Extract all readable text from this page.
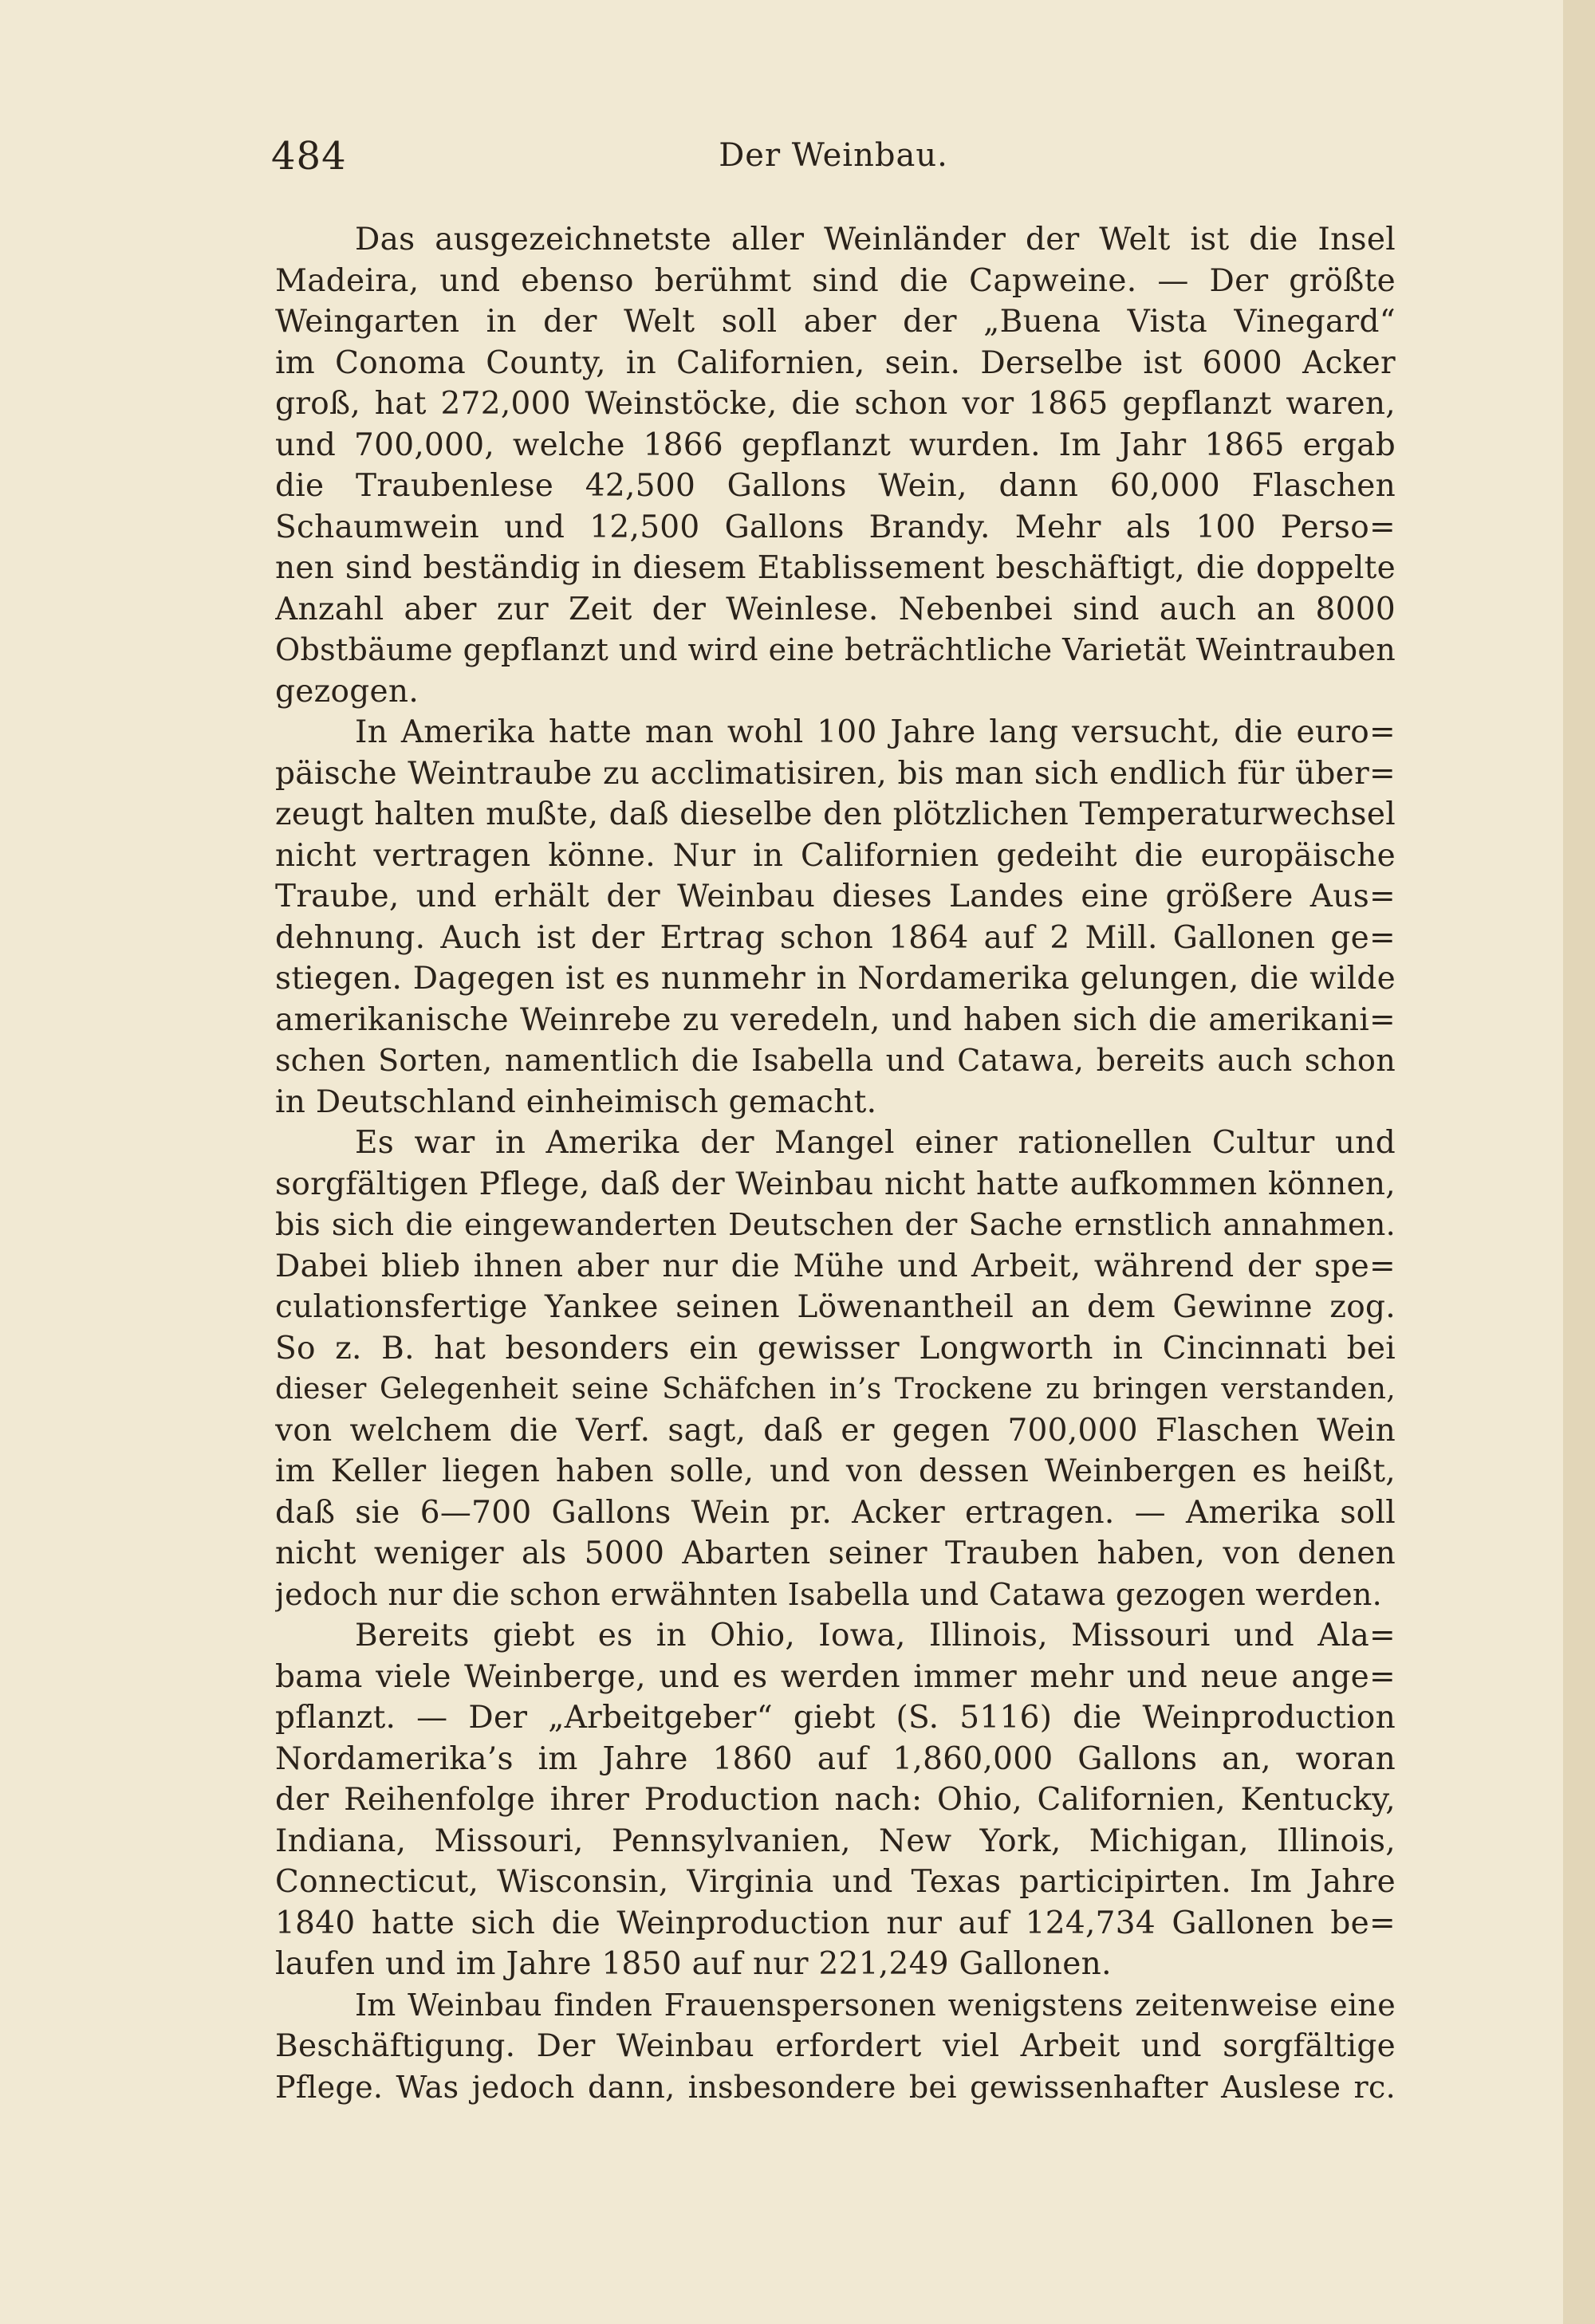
484	Der Weinbau.
Das ausgezeichnetste aller Weinländer der Welt ist die Insel
Madeira, und ebenso berühmt sind die Capweine. — Der größte
Weingarten in der Welt soll aber der „Buena Vista Vinegard“
im Conoma County, in Californien, sein. Derselbe ist 6000 Acker
groß, hat 272,000 Weinstöcke, die schon vor 1865 gepflanzt waren,
und 700,000, welche 1866 gepflanzt wurden. Im Jahr 1865 ergab
die Traubenlese 42,500 Gallons Wein, dann 60,000 Flaschen
Schaumwein und 12,500 Gallons Brandy. Mehr als 100 Perso=
nen sind beständig in diesem Etablissement beschäftigt, die doppelte
Anzahl aber zur Zeit der Weinlese. Nebenbei sind auch an 8000
Obstbäume gepflanzt und wird eine beträchtliche Varietät Weintrauben
gezogen.
In Amerika hatte man wohl 100 Jahre lang versucht, die euro=
päische Weintraube zu acclimatisiren, bis man sich endlich für über=
zeugt halten mußte, daß dieselbe den plötzlichen Temperaturwechsel
nicht vertragen könne. Nur in Californien gedeiht die europäische
Traube, und erhält der Weinbau dieses Landes eine größere Aus=
dehnung. Auch ist der Ertrag schon 1864 auf 2 Mill. Gallonen ge=
stiegen. Dagegen ist es nunmehr in Nordamerika gelungen, die wilde
amerikanische Weinrebe zu veredeln, und haben sich die amerikani=
schen Sorten, namentlich die Isabella und Catawa, bereits auch schon
in Deutschland einheimisch gemacht.
Es war in Amerika der Mangel einer rationellen Cultur und
sorgfältigen Pflege, daß der Weinbau nicht hatte aufkommen können,
bis sich die eingewanderten Deutschen der Sache ernstlich annahmen.
Dabei blieb ihnen aber nur die Mühe und Arbeit, während der spe=
culationsfertige Yankee seinen Löwenantheil an dem Gewinne zog.
So z. B. hat besonders ein gewisser Longworth in Cincinnati bei
dieser Gelegenheit seine Schäfchen in’s Trockene zu bringen verstanden,
von welchem die Verf. sagt, daß er gegen 700,000 Flaschen Wein
im Keller liegen haben solle, und von dessen Weinbergen es heißt,
daß sie 6—700 Gallons Wein pr. Acker ertragen. — Amerika soll
nicht weniger als 5000 Abarten seiner Trauben haben, von denen
jedoch nur die schon erwähnten Isabella und Catawa gezogen werden.
Bereits giebt es in Ohio, Iowa, Illinois, Missouri und Ala=
bama viele Weinberge, und es werden immer mehr und neue ange=
pflanzt. — Der „Arbeitgeber“ giebt (S. 5116) die Weinproduction
Nordamerika’s im Jahre 1860 auf 1,860,000 Gallons an, woran
der Reihenfolge ihrer Production nach: Ohio, Californien, Kentucky,
Indiana, Missouri, Pennsylvanien, New York, Michigan, Illinois,
Connecticut, Wisconsin, Virginia und Texas participirten. Im Jahre
1840 hatte sich die Weinproduction nur auf 124,734 Gallonen be=
laufen und im Jahre 1850 auf nur 221,249 Gallonen.
Im Weinbau finden Frauenspersonen wenigstens zeitenweise eine
Beschäftigung. Der Weinbau erfordert viel Arbeit und sorgfältige
Pflege. Was jedoch dann, insbesondere bei gewissenhafter Auslese rc.
